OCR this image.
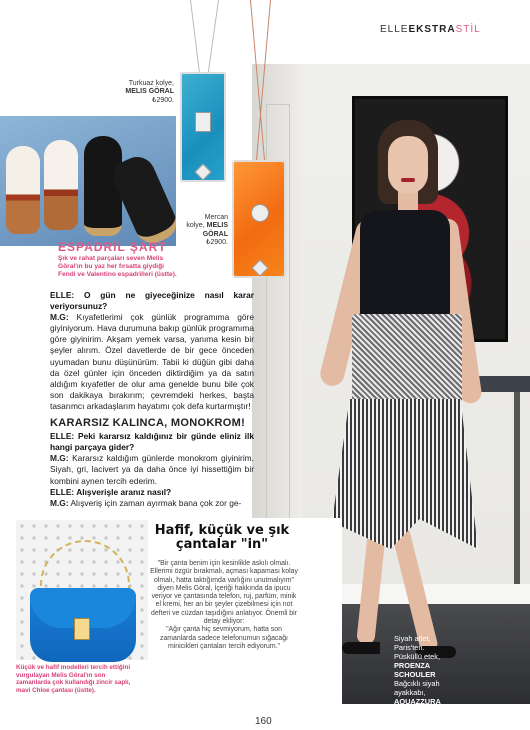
ELLEEKSTRASTİL
Siyah atlet,
Paris'ten.
Püsküllü etek,
PROENZA
SCHOULER
Bağcıklı siyah
ayakkabı,
AQUAZZURA
Turkuaz kolye,
MELIS GÖRAL
₺2900.
Mercan
kolye, MELIS GÖRAL
₺2900.
ESPADRİL ŞART
Şık ve rahat parçaları seven Melis Göral'ın bu yaz her fırsatta giydiği Fendi ve Valentino espadrilleri (üstte).

ELLE: O gün ne giyeceğinize nasıl karar veriyorsunuz?

M.G: Kıyafetlerimi çok günlük programıma göre giyiniyorum. Hava durumuna bakıp günlük programıma göre giyinirim. Akşam yemek varsa, yanıma kesin bir şeyler alırım. Özel davetlerde de bir gece önceden uyumadan bunu düşünürüm. Tabii ki düğün gibi daha da özel günler için önceden diktirdiğim ya da satın aldığım kıyafetler de olur ama genelde bunu bile çok son dakikaya bırakırım; çevremdeki herkes, başta tasarımcı arkadaşlarım hayatımı çok defa kurtarmıştır!

KARARSIZ KALINCA, MONOKROM!

ELLE: Peki kararsız kaldığınız bir günde eliniz ilk hangi parçaya gider?

M.G: Kararsız kaldığım günlerde monokrom giyinirim. Siyah, gri, lacivert ya da daha önce iyi hissettiğim bir kombini aynen tercih ederim.

ELLE: Alışverişle aranız nasıl?

M.G: Alışveriş için zaman ayırmak bana çok zor ge-

Küçük ve hafif modelleri tercih ettiğini vurgulayan Melis Göral'ın son zamanlarda çok kullandığı zincir saplı, mavi Chloe çantası (üstte).
Hafif, küçük ve şık çantalar "in"

"Bir çanta benim için kesinlikle askılı olmalı. Ellerimi özgür bırakmalı, açması kapaması kolay olmalı, hatta taktığımda varlığını unutmalıyım" diyen Melis Göral, İçeriği hakkında da ipucu veriyor ve çantasında telefon, ruj, parfüm, minik el kremi, her an bir şeyler çizebilmesi için not defteri ve cüzdan taşıdığını anlatıyor. Önemli bir detay ekliyor:

"Ağır çanta hiç sevmiyorum, hatta son zamanlarda sadece telefonumun sığacağı minicikleri çantaları tercih ediyorum."

160
